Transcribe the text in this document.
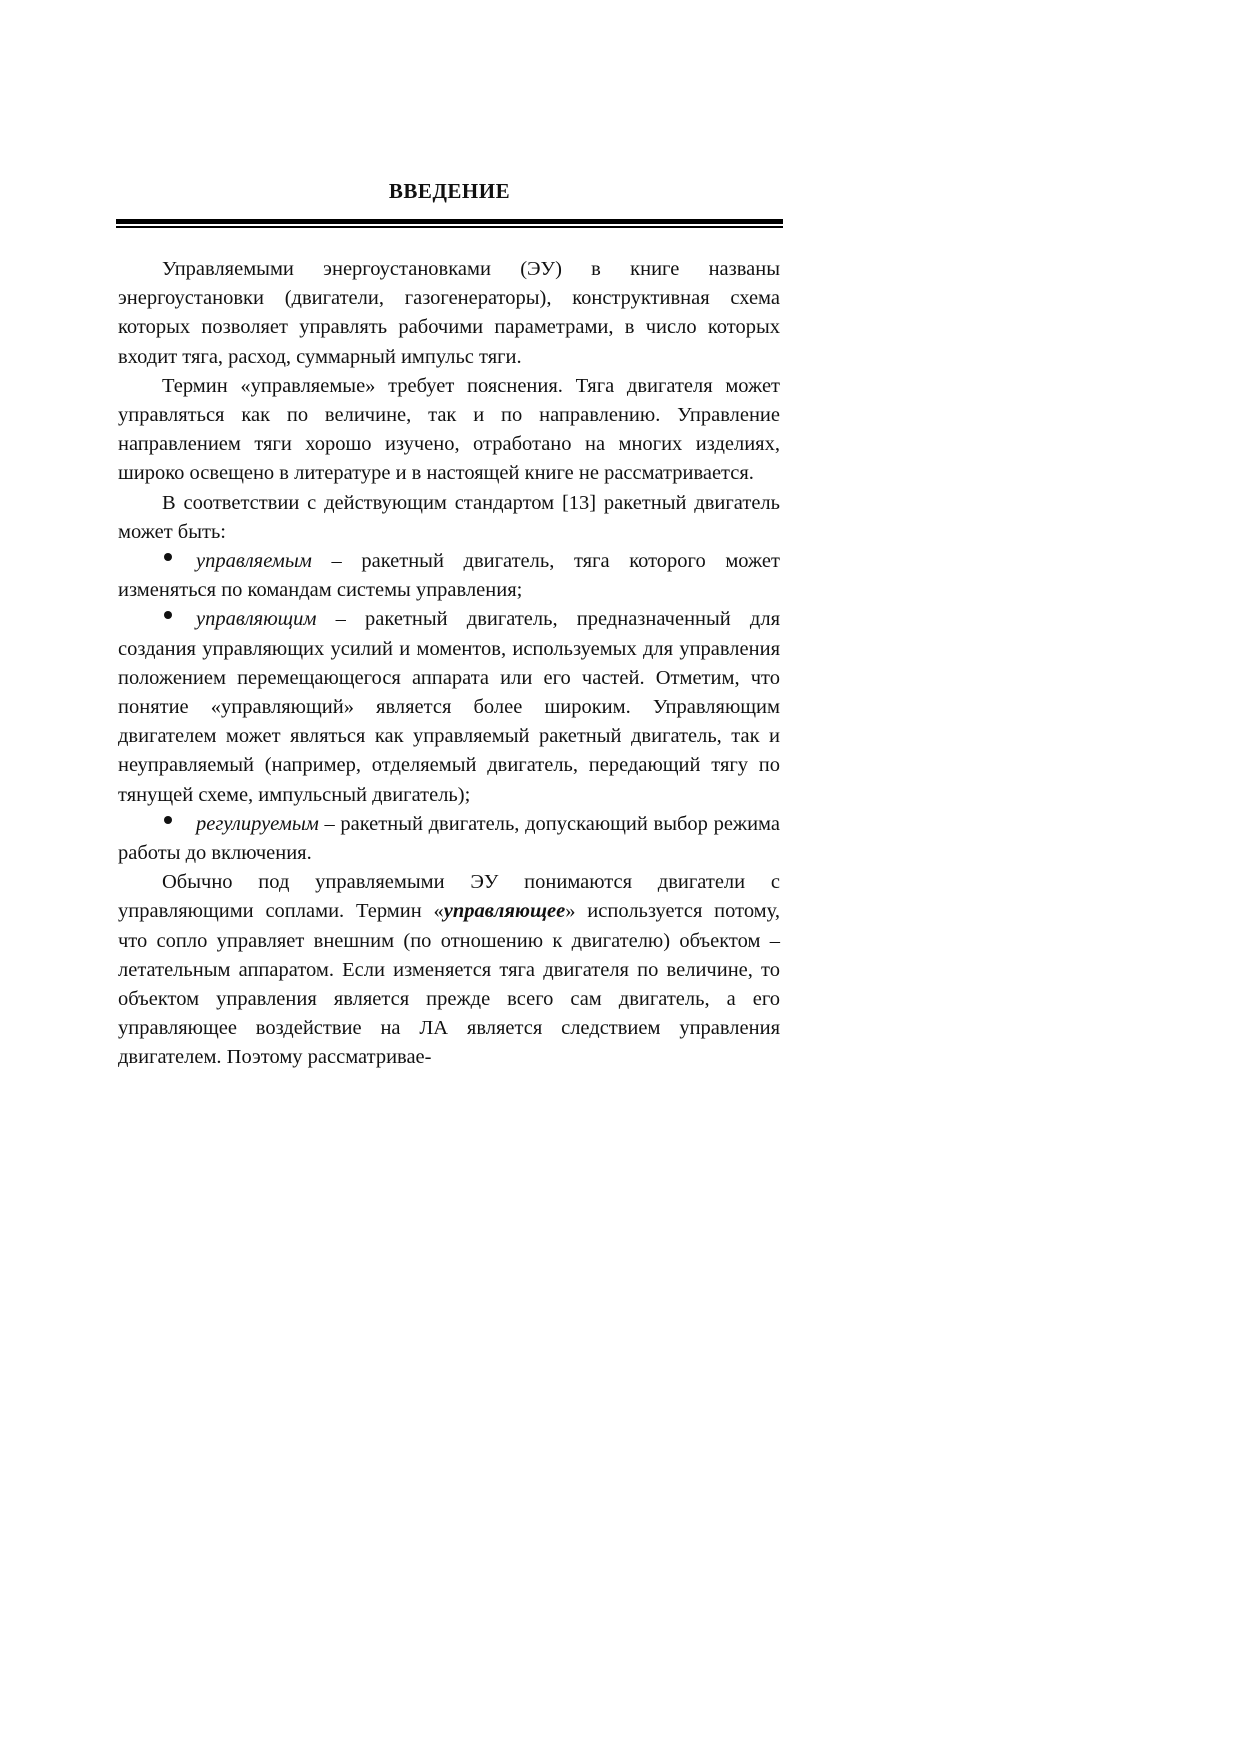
ВВЕДЕНИЕ

Управляемыми энергоустановками (ЭУ) в книге названы энергоустановки (двигатели, газогенераторы), конструктивная схема которых позволяет управлять рабочими параметрами, в число которых входит тяга, расход, суммарный импульс тяги.

Термин «управляемые» требует пояснения. Тяга двигателя может управляться как по величине, так и по направлению. Управление направлением тяги хорошо изучено, отработано на многих изделиях, широко освещено в литературе и в настоящей книге не рассматривается.

В соответствии с действующим стандартом [13] ракетный двигатель может быть:

управляемым – ракетный двигатель, тяга которого может изменяться по командам системы управления;

управляющим – ракетный двигатель, предназначенный для создания управляющих усилий и моментов, используемых для управления положением перемещающегося аппарата или его частей. Отметим, что понятие «управляющий» является более широким. Управляющим двигателем может являться как управляемый ракетный двигатель, так и неуправляемый (например, отделяемый двигатель, передающий тягу по тянущей схеме, импульсный двигатель);

регулируемым – ракетный двигатель, допускающий выбор режима работы до включения.

Обычно под управляемыми ЭУ понимаются двигатели с управляющими соплами. Термин «управляющее» используется потому, что сопло управляет внешним (по отношению к двигателю) объектом – летательным аппаратом. Если изменяется тяга двигателя по величине, то объектом управления является прежде всего сам двигатель, а его управляющее воздействие на ЛА является следствием управления двигателем. Поэтому рассматривае-
